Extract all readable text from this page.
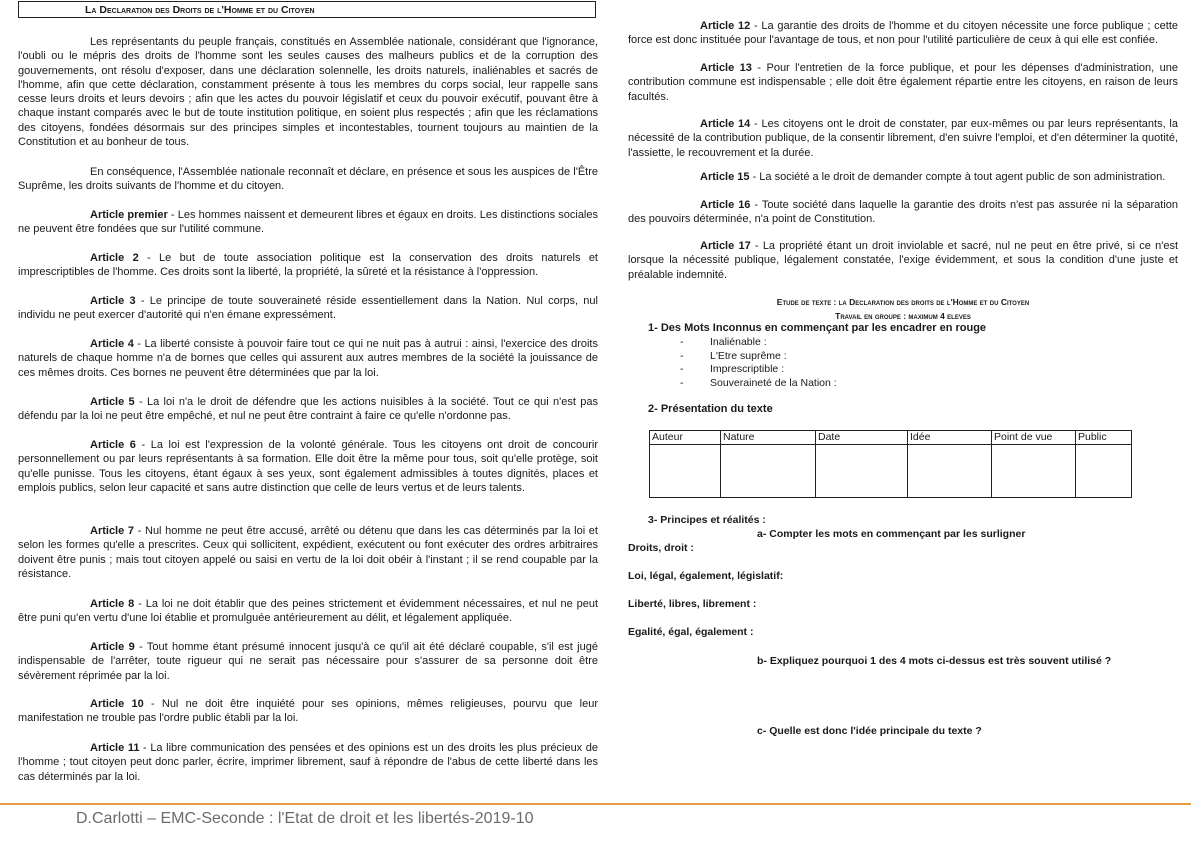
La Declaration des Droits de l'Homme et du Citoyen
Les représentants du peuple français, constitués en Assemblée nationale, considérant que l'ignorance, l'oubli ou le mépris des droits de l'homme sont les seules causes des malheurs publics et de la corruption des gouvernements, ont résolu d'exposer, dans une déclaration solennelle, les droits naturels, inaliénables et sacrés de l'homme, afin que cette déclaration, constamment présente à tous les membres du corps social, leur rappelle sans cesse leurs droits et leurs devoirs ; afin que les actes du pouvoir législatif et ceux du pouvoir exécutif, pouvant être à chaque instant comparés avec le but de toute institution politique, en soient plus respectés ; afin que les réclamations des citoyens, fondées désormais sur des principes simples et incontestables, tournent toujours au maintien de la Constitution et au bonheur de tous.
En conséquence, l'Assemblée nationale reconnaît et déclare, en présence et sous les auspices de l'Être Suprême, les droits suivants de l'homme et du citoyen.
Article premier - Les hommes naissent et demeurent libres et égaux en droits. Les distinctions sociales ne peuvent être fondées que sur l'utilité commune.
Article 2 - Le but de toute association politique est la conservation des droits naturels et imprescriptibles de l'homme. Ces droits sont la liberté, la propriété, la sûreté et la résistance à l'oppression.
Article 3 - Le principe de toute souveraineté réside essentiellement dans la Nation. Nul corps, nul individu ne peut exercer d'autorité qui n'en émane expressément.
Article 4 - La liberté consiste à pouvoir faire tout ce qui ne nuit pas à autrui : ainsi, l'exercice des droits naturels de chaque homme n'a de bornes que celles qui assurent aux autres membres de la société la jouissance de ces mêmes droits. Ces bornes ne peuvent être déterminées que par la loi.
Article 5 - La loi n'a le droit de défendre que les actions nuisibles à la société. Tout ce qui n'est pas défendu par la loi ne peut être empêché, et nul ne peut être contraint à faire ce qu'elle n'ordonne pas.
Article 6 - La loi est l'expression de la volonté générale. Tous les citoyens ont droit de concourir personnellement ou par leurs représentants à sa formation. Elle doit être la même pour tous, soit qu'elle protège, soit qu'elle punisse. Tous les citoyens, étant égaux à ses yeux, sont également admissibles à toutes dignités, places et emplois publics, selon leur capacité et sans autre distinction que celle de leurs vertus et de leurs talents.
Article 7 - Nul homme ne peut être accusé, arrêté ou détenu que dans les cas déterminés par la loi et selon les formes qu'elle a prescrites. Ceux qui sollicitent, expédient, exécutent ou font exécuter des ordres arbitraires doivent être punis ; mais tout citoyen appelé ou saisi en vertu de la loi doit obéir à l'instant ; il se rend coupable par la résistance.
Article 8 - La loi ne doit établir que des peines strictement et évidemment nécessaires, et nul ne peut être puni qu'en vertu d'une loi établie et promulguée antérieurement au délit, et légalement appliquée.
Article 9 - Tout homme étant présumé innocent jusqu'à ce qu'il ait été déclaré coupable, s'il est jugé indispensable de l'arrêter, toute rigueur qui ne serait pas nécessaire pour s'assurer de sa personne doit être sévèrement réprimée par la loi.
Article 10 - Nul ne doit être inquiété pour ses opinions, mêmes religieuses, pourvu que leur manifestation ne trouble pas l'ordre public établi par la loi.
Article 11 - La libre communication des pensées et des opinions est un des droits les plus précieux de l'homme ; tout citoyen peut donc parler, écrire, imprimer librement, sauf à répondre de l'abus de cette liberté dans les cas déterminés par la loi.
Article 12 - La garantie des droits de l'homme et du citoyen nécessite une force publique ; cette force est donc instituée pour l'avantage de tous, et non pour l'utilité particulière de ceux à qui elle est confiée.
Article 13 - Pour l'entretien de la force publique, et pour les dépenses d'administration, une contribution commune est indispensable ; elle doit être également répartie entre les citoyens, en raison de leurs facultés.
Article 14 - Les citoyens ont le droit de constater, par eux-mêmes ou par leurs représentants, la nécessité de la contribution publique, de la consentir librement, d'en suivre l'emploi, et d'en déterminer la quotité, l'assiette, le recouvrement et la durée.
Article 15 - La société a le droit de demander compte à tout agent public de son administration.
Article 16 - Toute société dans laquelle la garantie des droits n'est pas assurée ni la séparation des pouvoirs déterminée, n'a point de Constitution.
Article 17 - La propriété étant un droit inviolable et sacré, nul ne peut en être privé, si ce n'est lorsque la nécessité publique, légalement constatée, l'exige évidemment, et sous la condition d'une juste et préalable indemnité.
Etude de texte : la Declaration des droits de l'Homme et du Citoyen
Travail en groupe : maximum 4 eleves
1- Des Mots Inconnus en commençant par les encadrer en rouge
- Inaliénable :
- L'Etre suprême :
- Imprescriptible :
- Souveraineté de la Nation :
2- Présentation du texte
Auteur	Nature	Date	Idée	Point de vue	Public

3- Principes et réalités :
a- Compter les mots en commençant par les surligner
Droits, droit :
Loi, légal, également, législatif:
Liberté, libres, librement :
Egalité, égal, également :
b- Expliquez pourquoi 1 des 4 mots ci-dessus est très souvent utilisé ?
c- Quelle est donc l'idée principale du texte ?
D.Carlotti – EMC-Seconde : l'Etat de droit et les libertés-2019-10
